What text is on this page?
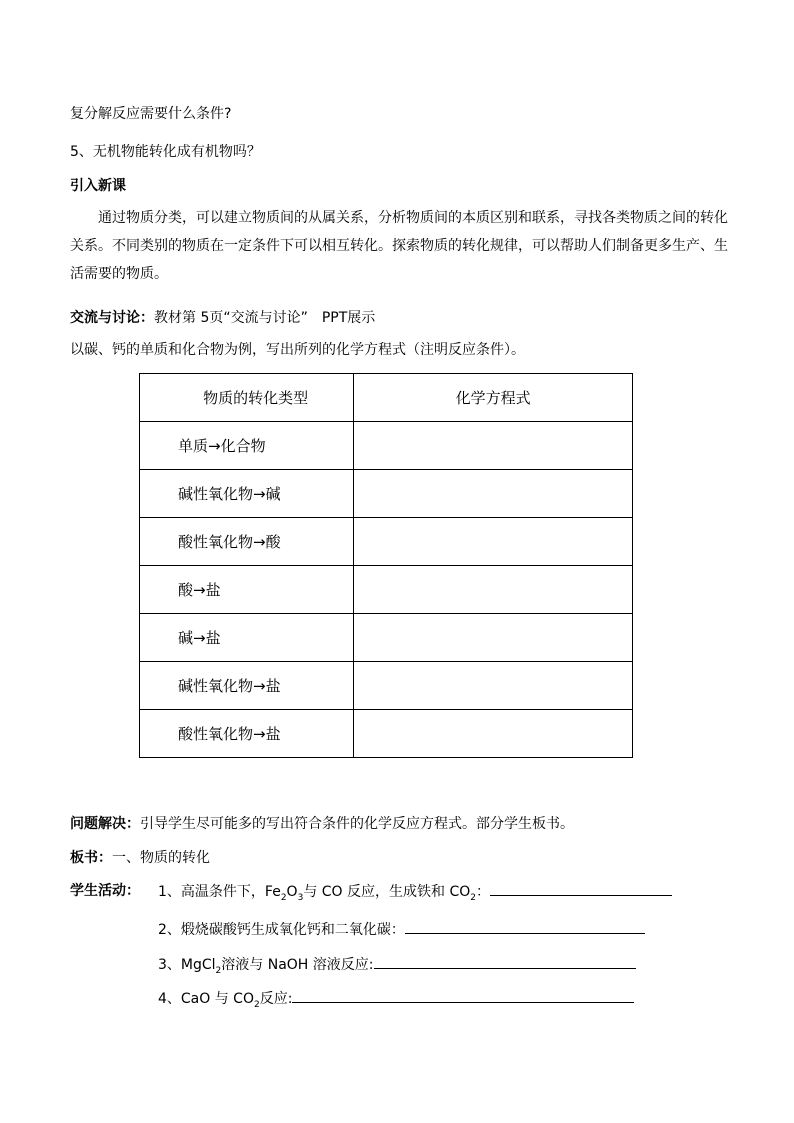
复分解反应需要什么条件?
5、无机物能转化成有机物吗？
引入新课
通过物质分类，可以建立物质间的从属关系，分析物质间的本质区别和联系，寻找各类物质之间的转化关系。不同类别的物质在一定条件下可以相互转化。探索物质的转化规律，可以帮助人们制备更多生产、生活需要的物质。
交流与讨论：教材第 5页“交流与讨论”　PPT展示
以碳、钙的单质和化合物为例，写出所列的化学方程式（注明反应条件）。
物质的转化类型	化学方程式
单质→化合物	
碱性氧化物→碱	
酸性氧化物→酸	
酸→盐	
碱→盐	
碱性氧化物→盐	
酸性氧化物→盐	
问题解决：引导学生尽可能多的写出符合条件的化学反应方程式。部分学生板书。
板书：一、物质的转化
学生活动： 1、高温条件下，$Fe_2O_3$与 CO 反应，生成铁和 $CO_2$：
2、煅烧碳酸钙生成氧化钙和二氧化碳：
3、MgCl$_2$溶液与 NaOH 溶液反应:
4、CaO 与 $CO_2$反应:
